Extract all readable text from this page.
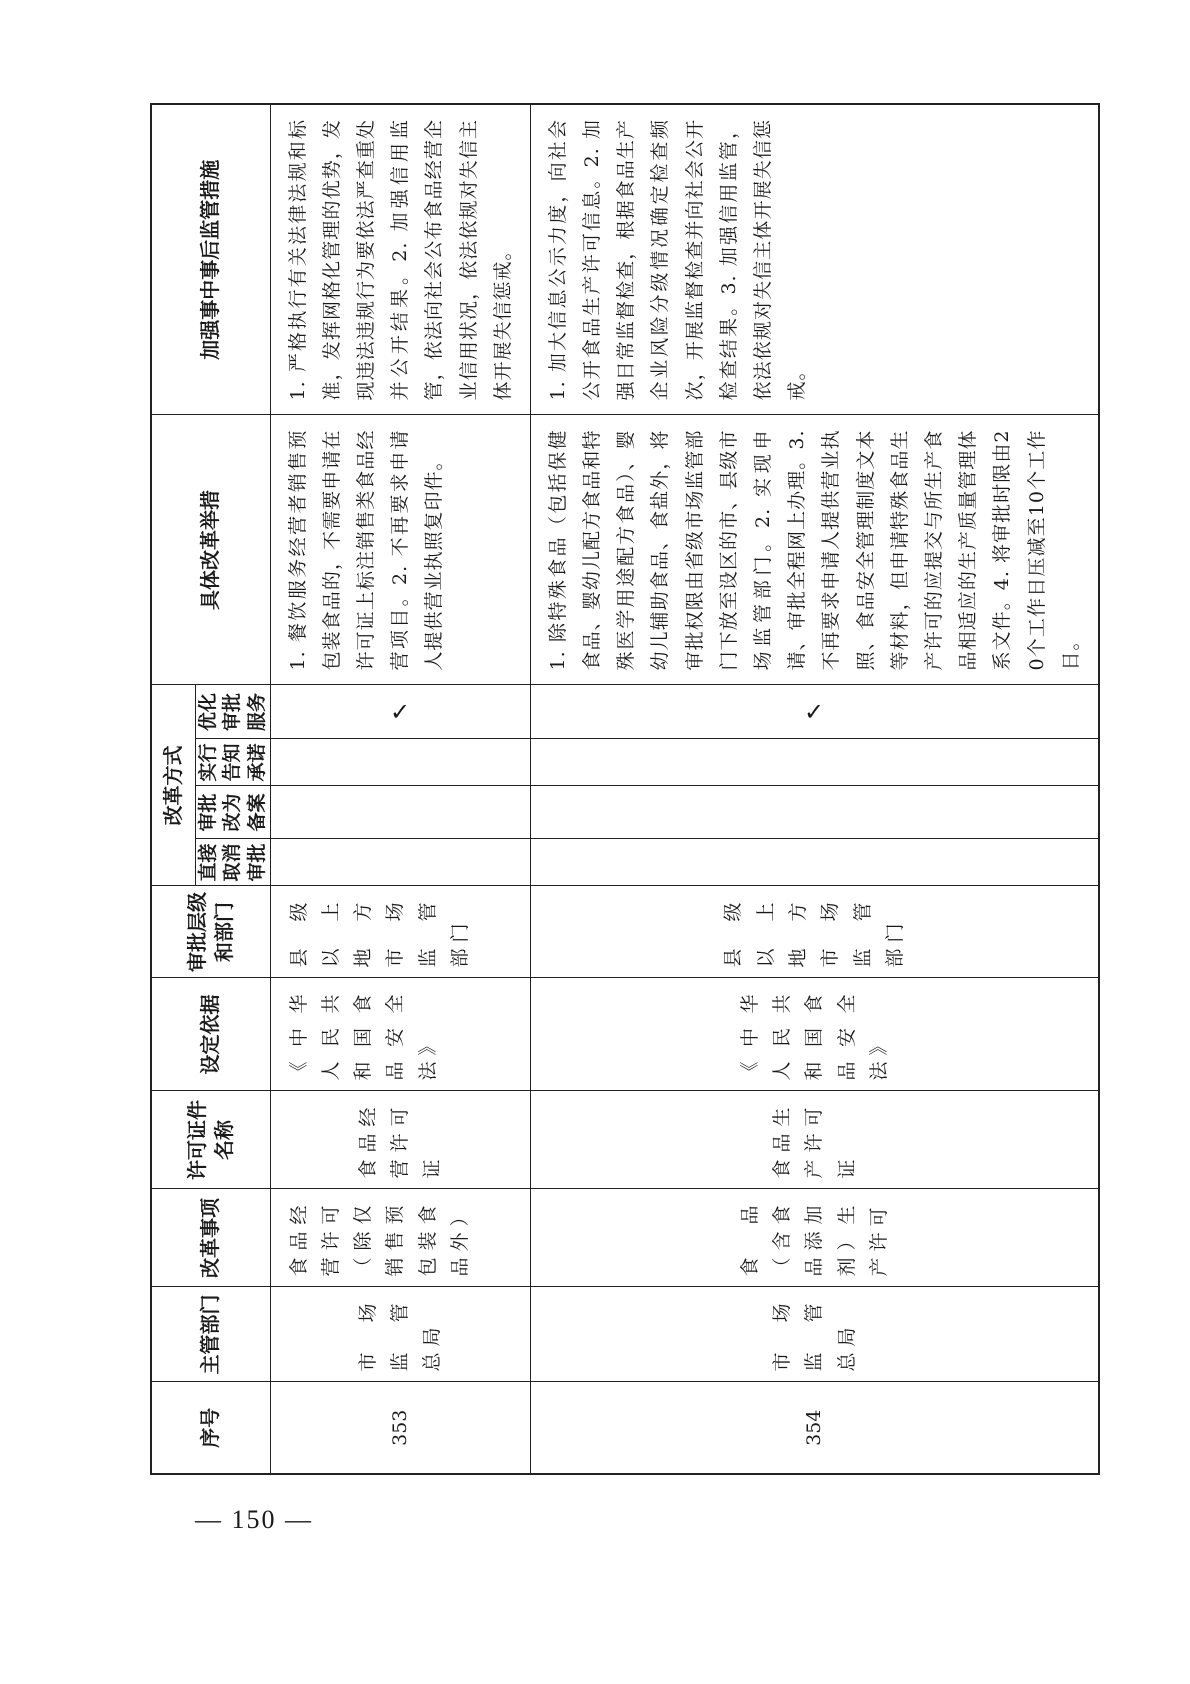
序号	主管部门	改革事项	许可证件名称	设定依据	审批层级和部门	改革方式				具体改革举措	加强事中事后监管措施
						直接取消审批	审批改为备案	实行告知承诺	优化审批服务		
353	市场监管总局	食品经营许可（除仅销售预包装食品外）	食品经营许可证	《中华人民共和国食品安全法》	县级以上地方市场监管部门				✓	1. 餐饮服务经营者销售预包装食品的，不需要申请在许可证上标注销售类食品经营项目。2. 不再要求申请人提供营业执照复印件。	1. 严格执行有关法律法规和标准，发挥网格化管理的优势，发现违法违规行为要依法严查重处并公开结果。2. 加强信用监管，依法向社会公布食品经营企业信用状况，依法依规对失信主体开展失信惩戒。

354	市场监管总局	食品（含食品添加剂）生产许可	食品生产许可证	《中华人民共和国食品安全法》	县级以上地方市场监管部门				✓	1. 除特殊食品（包括保健食品、婴幼儿配方食品和特殊医学用途配方食品）、婴幼儿辅助食品、食盐外，将审批权限由省级市场监管部门下放至设区的市、县级市场监管部门。2. 实现申请、审批全程网上办理。3. 不再要求申请人提供营业执照、食品安全管理制度文本等材料，但申请特殊食品生产许可的应提交与所生产食品相适应的生产质量管理体系文件。4. 将审批时限由20个工作日压减至10个工作日。	1. 加大信息公示力度，向社会公开食品生产许可信息。2. 加强日常监督检查，根据食品生产企业风险分级情况确定检查频次，开展监督检查并向社会公开检查结果。3. 加强信用监管，依法依规对失信主体开展失信惩戒。
— 150 —
